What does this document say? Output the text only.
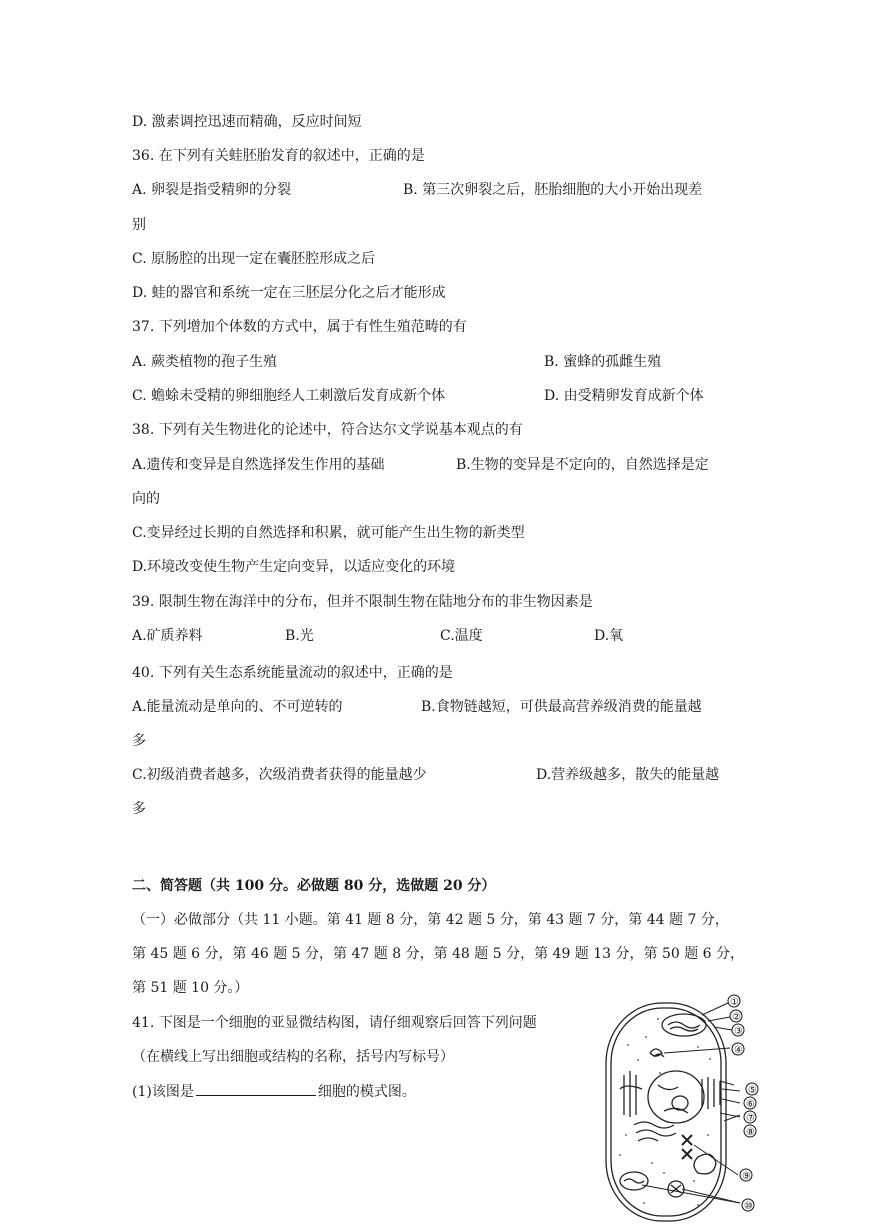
D. 激素调控迅速而精确，反应时间短
36. 在下列有关蛙胚胎发育的叙述中，正确的是
A. 卵裂是指受精卵的分裂	B. 第三次卵裂之后，胚胎细胞的大小开始出现差
别
C. 原肠腔的出现一定在囊胚腔形成之后
D. 蛙的器官和系统一定在三胚层分化之后才能形成
37. 下列增加个体数的方式中，属于有性生殖范畴的有
A. 蕨类植物的孢子生殖	B. 蜜蜂的孤雌生殖
C. 蟾蜍未受精的卵细胞经人工刺激后发育成新个体	D. 由受精卵发育成新个体
38. 下列有关生物进化的论述中，符合达尔文学说基本观点的有
A.遗传和变异是自然选择发生作用的基础	B.生物的变异是不定向的，自然选择是定
向的
C.变异经过长期的自然选择和积累，就可能产生出生物的新类型
D.环境改变使生物产生定向变异，以适应变化的环境
39. 限制生物在海洋中的分布，但并不限制生物在陆地分布的非生物因素是
A.矿质养料	B.光	C.温度	D.氧
40. 下列有关生态系统能量流动的叙述中，正确的是
A.能量流动是单向的、不可逆转的	B.食物链越短，可供最高营养级消费的能量越
多
C.初级消费者越多，次级消费者获得的能量越少	D.营养级越多，散失的能量越
多
二、简答题（共 100 分。必做题 80 分，选做题 20 分）
（一）必做部分（共 11 小题。第 41 题 8 分，第 42 题 5 分，第 43 题 7 分，第 44 题 7 分，
第 45 题 6 分，第 46 题 5 分，第 47 题 8 分，第 48 题 5 分，第 49 题 13 分，第 50 题 6 分，
第 51 题 10 分。）
41. 下图是一个细胞的亚显微结构图，请仔细观察后回答下列问题
（在横线上写出细胞或结构的名称，括号内写标号）
(1)该图是	细胞的模式图。
①
②
③
④
⑤
⑥
⑦
⑧
⑨
⑩
